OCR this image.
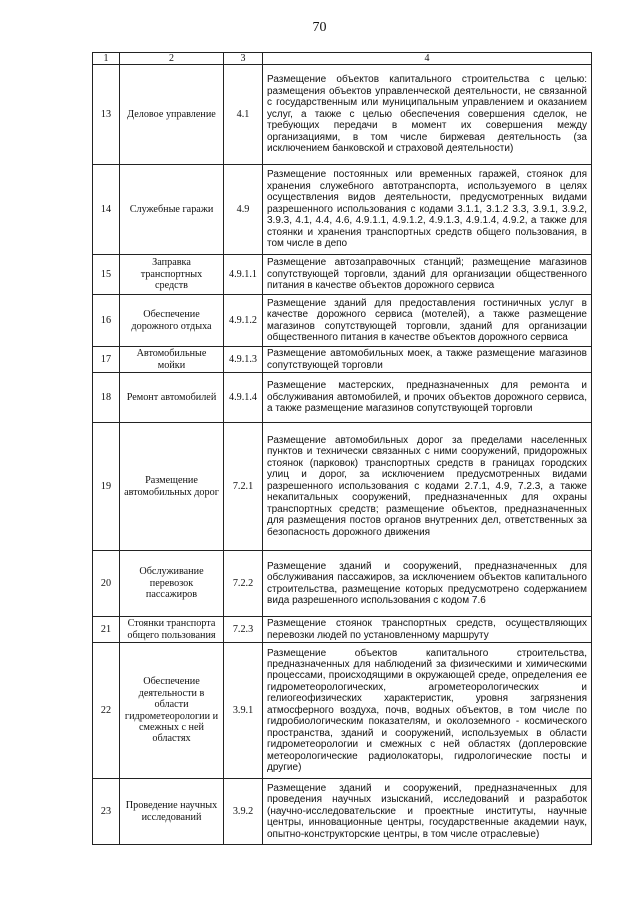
70
1	2	3	4
13	Деловое управление	4.1	Размещение объектов капитального строительства с целью: размещения объектов управленческой деятельности, не связанной с государственным или муниципальным управлением и оказанием услуг, а также с целью обеспечения совершения сделок, не требующих передачи в момент их совершения между организациями, в том числе биржевая деятельность (за исключением банковской и страховой деятельности)
14	Служебные гаражи	4.9	Размещение постоянных или временных гаражей, стоянок для хранения служебного автотранспорта, используемого в целях осуществления видов деятельности, предусмотренных видами разрешенного использования с кодами 3.1.1, 3.1.2 3.3, 3.9.1, 3.9.2, 3.9.3, 4.1, 4.4, 4.6, 4.9.1.1, 4.9.1.2, 4.9.1.3, 4.9.1.4, 4.9.2, а также для стоянки и хранения транспортных средств общего пользования, в том числе в депо
15	Заправка транспортных средств	4.9.1.1	Размещение автозаправочных станций; размещение магазинов сопутствующей торговли, зданий для организации общественного питания в качестве объектов дорожного сервиса
16	Обеспечение дорожного отдыха	4.9.1.2	Размещение зданий для предоставления гостиничных услуг в качестве дорожного сервиса (мотелей), а также размещение магазинов сопутствующей торговли, зданий для организации общественного питания в качестве объектов дорожного сервиса
17	Автомобильные мойки	4.9.1.3	Размещение автомобильных моек, а также размещение магазинов сопутствующей торговли
18	Ремонт автомобилей	4.9.1.4	Размещение мастерских, предназначенных для ремонта и обслуживания автомобилей, и прочих объектов дорожного сервиса, а также размещение магазинов сопутствующей торговли
19	Размещение автомобильных дорог	7.2.1	Размещение автомобильных дорог за пределами населенных пунктов и технически связанных с ними сооружений, придорожных стоянок (парковок) транспортных средств в границах городских улиц и дорог, за исключением предусмотренных видами разрешенного использования с кодами 2.7.1, 4.9, 7.2.3, а также некапитальных сооружений, предназначенных для охраны транспортных средств; размещение объектов, предназначенных для размещения постов органов внутренних дел, ответственных за безопасность дорожного движения
20	Обслуживание перевозок пассажиров	7.2.2	Размещение зданий и сооружений, предназначенных для обслуживания пассажиров, за исключением объектов капитального строительства, размещение которых предусмотрено содержанием вида разрешенного использования с кодом 7.6
21	Стоянки транспорта общего пользования	7.2.3	Размещение стоянок транспортных средств, осуществляющих перевозки людей по установленному маршруту
22	Обеспечение деятельности в области гидрометеорологии и смежных с ней областях	3.9.1	Размещение объектов капитального строительства, предназначенных для наблюдений за физическими и химическими процессами, происходящими в окружающей среде, определения ее гидрометеорологических, агрометеорологических и гелиогеофизических характеристик, уровня загрязнения атмосферного воздуха, почв, водных объектов, в том числе по гидробиологическим показателям, и околоземного - космического пространства, зданий и сооружений, используемых в области гидрометеорологии и смежных с ней областях (доплеровские метеорологические радиолокаторы, гидрологические посты и другие)
23	Проведение научных исследований	3.9.2	Размещение зданий и сооружений, предназначенных для проведения научных изысканий, исследований и разработок (научно-исследовательские и проектные институты, научные центры, инновационные центры, государственные академии наук, опытно-конструкторские центры, в том числе отраслевые)
